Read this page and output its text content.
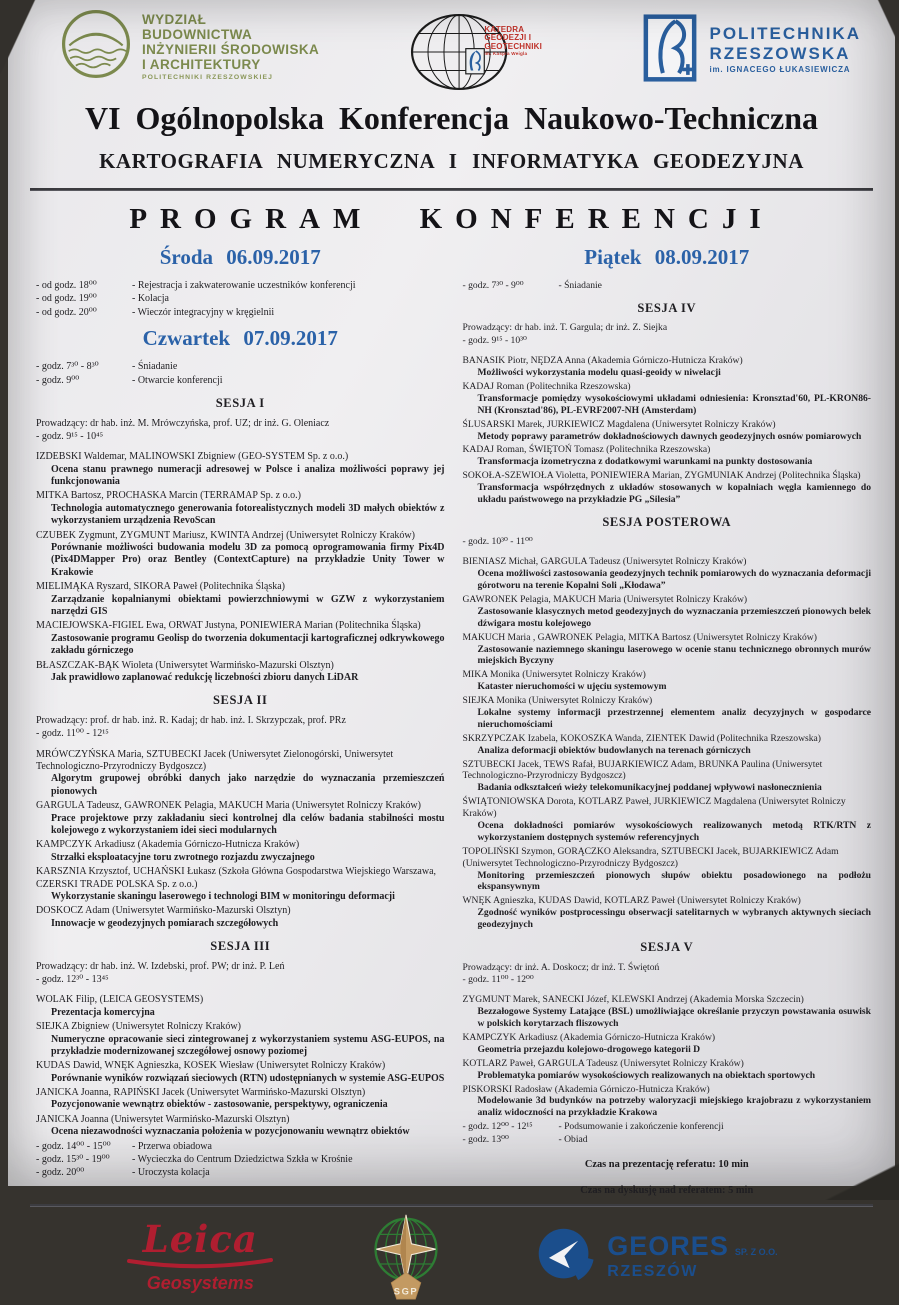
WYDZIAŁ
BUDOWNICTWA
INŻYNIERII ŚRODOWISKA
I ARCHITEKTURY
POLITECHNIKI RZESZOWSKIEJ
KATEDRA
GEODEZJI I
GEOTECHNIKI
im. Kaspra Weigla
POLITECHNIKA
RZESZOWSKA
im. IGNACEGO ŁUKASIEWICZA
VI Ogólnopolska Konferencja Naukowo-Techniczna
KARTOGRAFIA NUMERYCZNA I INFORMATYKA GEODEZYJNA
PROGRAM KONFERENCJI
Środa 06.09.2017
- od godz. 18⁰⁰	- Rejestracja i zakwaterowanie uczestników konferencji
- od godz. 19⁰⁰	- Kolacja
- od godz. 20⁰⁰	- Wieczór integracyjny w kręgielnii
Czwartek 07.09.2017
- godz. 7³⁰ - 8³⁰	- Śniadanie
- godz. 9⁰⁰	- Otwarcie konferencji
SESJA I
Prowadzący: dr hab. inż. M. Mrówczyńska, prof. UZ; dr inż. G. Oleniacz
- godz. 9¹⁵ - 10⁴⁵
IZDEBSKI Waldemar, MALINOWSKI Zbigniew (GEO-SYSTEM Sp. z o.o.)
Ocena stanu prawnego numeracji adresowej w Polsce i analiza możliwości poprawy jej funkcjonowania
MITKA Bartosz, PROCHASKA Marcin (TERRAMAP Sp. z o.o.)
Technologia automatycznego generowania fotorealistycznych modeli 3D małych obiektów z wykorzystaniem urządzenia RevoScan
CZUBEK Zygmunt, ZYGMUNT Mariusz, KWINTA Andrzej (Uniwersytet Rolniczy Kraków)
Porównanie możliwości budowania modelu 3D za pomocą oprogramowania firmy Pix4D (Pix4DMapper Pro) oraz Bentley (ContextCapture) na przykładzie Unity Tower w Krakowie
MIELIMĄKA Ryszard, SIKORA Paweł (Politechnika Śląska)
Zarządzanie kopalnianymi obiektami powierzchniowymi w GZW z wykorzystaniem narzędzi GIS
MACIEJOWSKA-FIGIEL Ewa, ORWAT Justyna, PONIEWIERA Marian (Politechnika Śląska)
Zastosowanie programu Geolisp do tworzenia dokumentacji kartograficznej odkrywkowego zakładu górniczego
BŁASZCZAK-BĄK Wioleta (Uniwersytet Warmińsko-Mazurski Olsztyn)
Jak prawidłowo zaplanować redukcję liczebności zbioru danych LiDAR
SESJA II
Prowadzący: prof. dr hab. inż. R. Kadaj; dr hab. inż. I. Skrzypczak, prof. PRz
- godz. 11⁰⁰ - 12¹⁵
MRÓWCZYŃSKA Maria, SZTUBECKI Jacek (Uniwersytet Zielonogórski, Uniwersytet Technologiczno-Przyrodniczy Bydgoszcz)
Algorytm grupowej obróbki danych jako narzędzie do wyznaczania przemieszczeń pionowych
GARGULA Tadeusz, GAWRONEK Pelagia, MAKUCH Maria (Uniwersytet Rolniczy Kraków)
Prace projektowe przy zakładaniu sieci kontrolnej dla celów badania stabilności mostu kolejowego z wykorzystaniem idei sieci modularnych
KAMPCZYK Arkadiusz (Akademia Górniczo-Hutnicza Kraków)
Strzałki eksploatacyjne toru zwrotnego rozjazdu zwyczajnego
KARSZNIA Krzysztof, UCHAŃSKI Łukasz (Szkoła Główna Gospodarstwa Wiejskiego Warszawa, CZERSKI TRADE POLSKA Sp. z o.o.)
Wykorzystanie skaningu laserowego i technologi BIM w monitoringu deformacji
DOSKOCZ Adam (Uniwersytet Warmińsko-Mazurski Olsztyn)
Innowacje w geodezyjnych pomiarach szczegółowych
SESJA III
Prowadzący: dr hab. inż. W. Izdebski, prof. PW; dr inż. P. Leń
- godz. 12³⁰ - 13⁴⁵
WOLAK Filip, (LEICA GEOSYSTEMS)
Prezentacja komercyjna
SIEJKA Zbigniew (Uniwersytet Rolniczy Kraków)
Numeryczne opracowanie sieci zintegrowanej z wykorzystaniem systemu ASG-EUPOS, na przykładzie modernizowanej szczegółowej osnowy poziomej
KUDAS Dawid, WNĘK Agnieszka, KOSEK Wiesław (Uniwersytet Rolniczy Kraków)
Porównanie wyników rozwiązań sieciowych (RTN) udostępnianych w systemie ASG-EUPOS
JANICKA Joanna, RAPIŃSKI Jacek (Uniwersytet Warmińsko-Mazurski Olsztyn)
Pozycjonowanie wewnątrz obiektów - zastosowanie, perspektywy, ograniczenia
JANICKA Joanna (Uniwersytet Warmińsko-Mazurski Olsztyn)
Ocena niezawodności wyznaczania położenia w pozycjonowaniu wewnątrz obiektów
- godz. 14⁰⁰ - 15⁰⁰	- Przerwa obiadowa
- godz. 15³⁰ - 19⁰⁰	- Wycieczka do Centrum Dziedzictwa Szkła w Krośnie
- godz. 20⁰⁰	- Uroczysta kolacja
Piątek 08.09.2017
- godz. 7³⁰ - 9⁰⁰	- Śniadanie
SESJA IV
Prowadzący: dr hab. inż. T. Gargula; dr inż. Z. Siejka
- godz. 9¹⁵ - 10³⁰
BANASIK Piotr, NĘDZA Anna (Akademia Górniczo-Hutnicza Kraków)
Możliwości wykorzystania modelu quasi-geoidy w niwelacji
KADAJ Roman (Politechnika Rzeszowska)
Transformacje pomiędzy wysokościowymi układami odniesienia: Kronsztad'60, PL-KRON86-NH (Kronsztad'86), PL-EVRF2007-NH (Amsterdam)
ŚLUSARSKI Marek, JURKIEWICZ Magdalena (Uniwersytet Rolniczy Kraków)
Metody poprawy parametrów dokładnościowych dawnych geodezyjnych osnów pomiarowych
KADAJ Roman, ŚWIĘTOŃ Tomasz (Politechnika Rzeszowska)
Transformacja izometryczna z dodatkowymi warunkami na punkty dostosowania
SOKOŁA-SZEWIOŁA Violetta, PONIEWIERA Marian, ZYGMUNIAK Andrzej (Politechnika Śląska)
Transformacja współrzędnych z układów stosowanych w kopalniach węgla kamiennego do układu państwowego na przykładzie PG „Silesia”
SESJA POSTEROWA
- godz. 10³⁰ - 11⁰⁰
BIENIASZ Michał, GARGULA Tadeusz (Uniwersytet Rolniczy Kraków)
Ocena możliwości zastosowania geodezyjnych technik pomiarowych do wyznaczania deformacji górotworu na terenie Kopalni Soli „Kłodawa”
GAWRONEK Pelagia, MAKUCH Maria (Uniwersytet Rolniczy Kraków)
Zastosowanie klasycznych metod geodezyjnych do wyznaczania przemieszczeń pionowych belek dźwigara mostu kolejowego
MAKUCH Maria , GAWRONEK Pelagia, MITKA Bartosz (Uniwersytet Rolniczy Kraków)
Zastosowanie naziemnego skaningu laserowego w ocenie stanu technicznego obronnych murów miejskich Byczyny
MIKA Monika (Uniwersytet Rolniczy Kraków)
Kataster nieruchomości w ujęciu systemowym
SIEJKA Monika (Uniwersytet Rolniczy Kraków)
Lokalne systemy informacji przestrzennej elementem analiz decyzyjnych w gospodarce nieruchomościami
SKRZYPCZAK Izabela, KOKOSZKA Wanda, ZIENTEK Dawid (Politechnika Rzeszowska)
Analiza deformacji obiektów budowlanych na terenach górniczych
SZTUBECKI Jacek, TEWS Rafał, BUJARKIEWICZ Adam, BRUNKA Paulina (Uniwersytet Technologiczno-Przyrodniczy Bydgoszcz)
Badania odkształceń wieży telekomunikacyjnej poddanej wpływowi nasłonecznienia
ŚWIĄTONIOWSKA Dorota, KOTLARZ Paweł, JURKIEWICZ Magdalena (Uniwersytet Rolniczy Kraków)
Ocena dokładności pomiarów wysokościowych realizowanych metodą RTK/RTN z wykorzystaniem dostępnych systemów referencyjnych
TOPOLIŃSKI Szymon, GORĄCZKO Aleksandra, SZTUBECKI Jacek, BUJARKIEWICZ Adam (Uniwersytet Technologiczno-Przyrodniczy Bydgoszcz)
Monitoring przemieszczeń pionowych słupów obiektu posadowionego na podłożu ekspansywnym
WNĘK Agnieszka, KUDAS Dawid, KOTLARZ Paweł (Uniwersytet Rolniczy Kraków)
Zgodność wyników postprocessingu obserwacji satelitarnych w wybranych aktywnych sieciach geodezyjnych
SESJA V
Prowadzący: dr inż. A. Doskocz; dr inż. T. Świętoń
- godz. 11⁰⁰ - 12⁰⁰
ZYGMUNT Marek, SANECKI Józef, KLEWSKI Andrzej (Akademia Morska Szczecin)
Bezzałogowe Systemy Latające (BSL) umożliwiające określanie przyczyn powstawania osuwisk w polskich korytarzach fliszowych
KAMPCZYK Arkadiusz (Akademia Górniczo-Hutnicza Kraków)
Geometria przejazdu kolejowo-drogowego kategorii D
KOTLARZ Paweł, GARGULA Tadeusz (Uniwersytet Rolniczy Kraków)
Problematyka pomiarów wysokościowych realizowanych na obiektach sportowych
PISKORSKI Radosław (Akademia Górniczo-Hutnicza Kraków)
Modelowanie 3d budynków na potrzeby waloryzacji miejskiego krajobrazu z wykorzystaniem analiz widoczności na przykładzie Krakowa
- godz. 12⁰⁰ - 12¹⁵	- Podsumowanie i zakończenie konferencji
- godz. 13⁰⁰	- Obiad
Czas na prezentację referatu: 10 min
Czas na dyskusję nad referatem: 5 min
Leica
Geosystems	SGP
GEORES SP. Z O.O.
RZESZÓW
